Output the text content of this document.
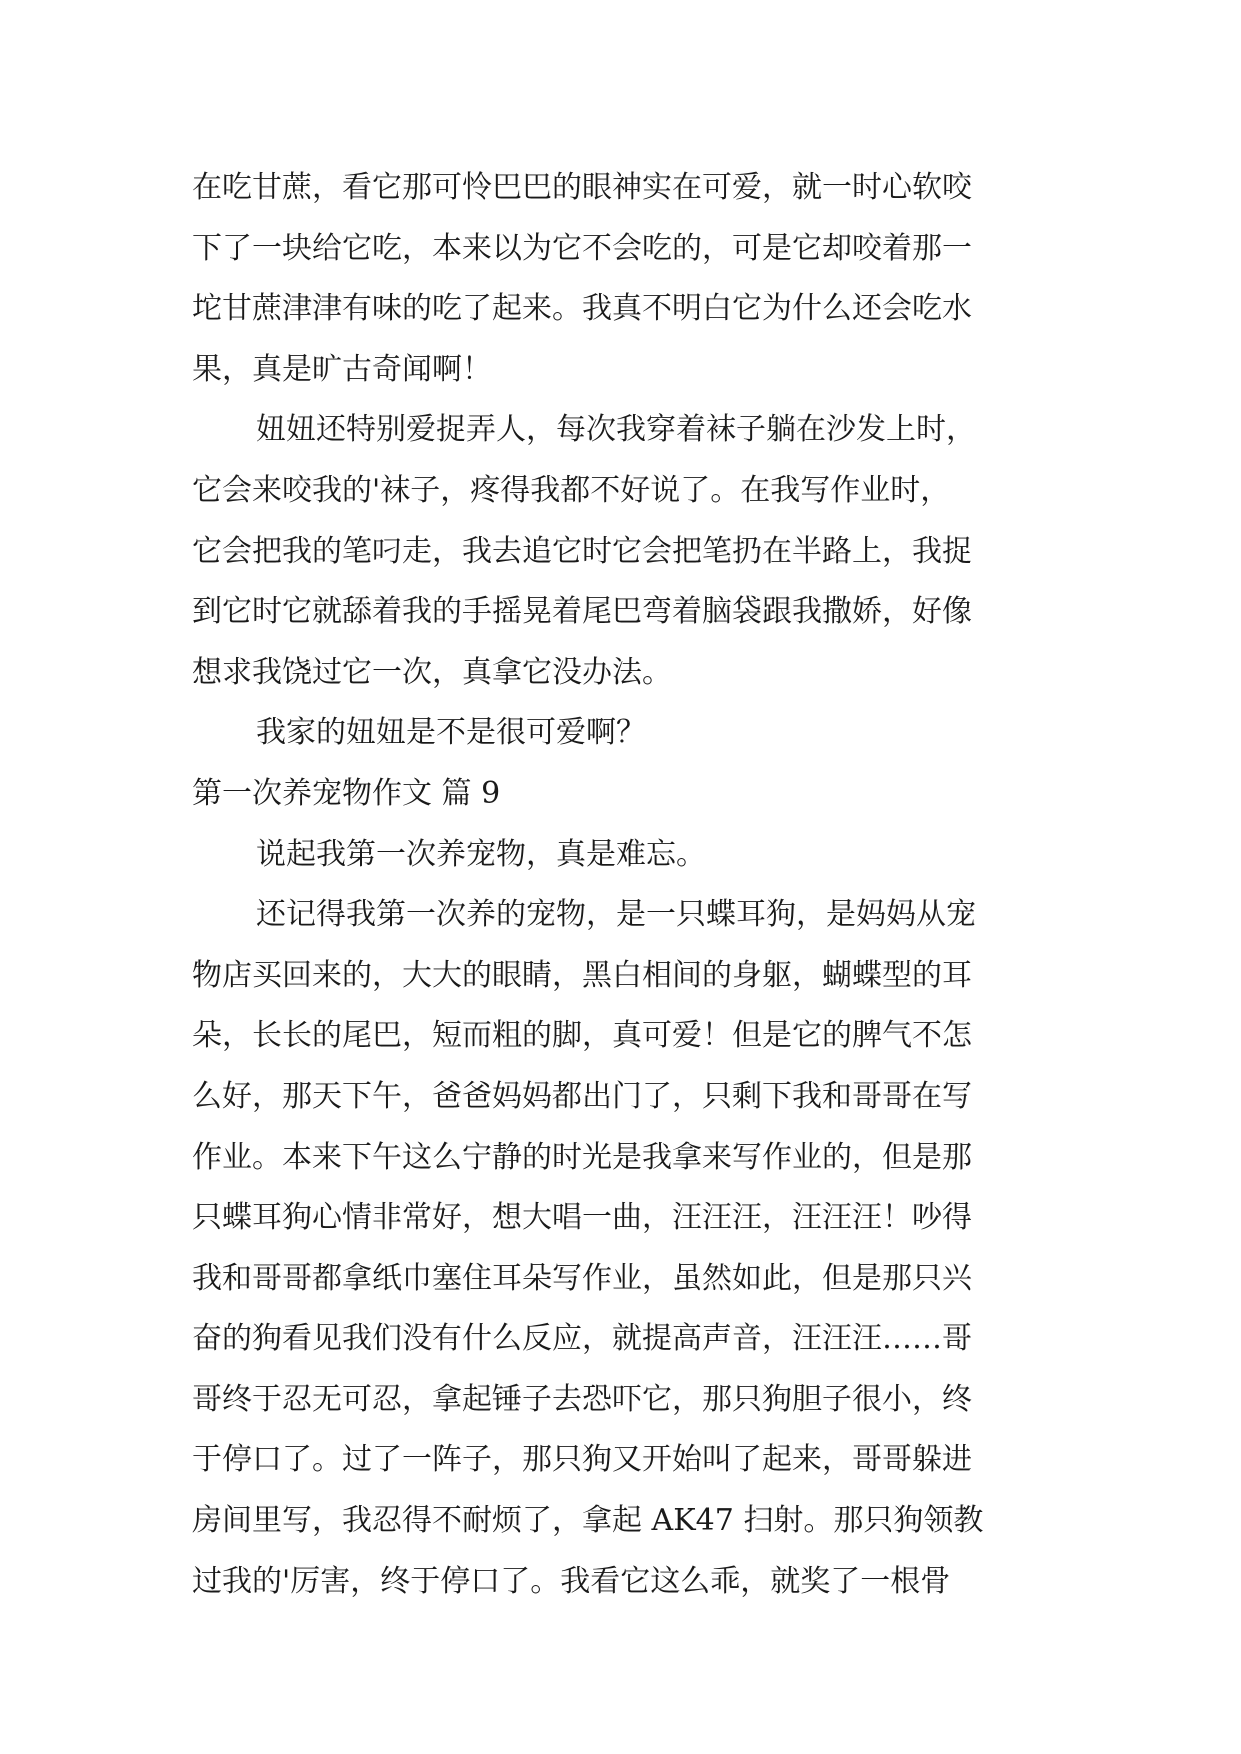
在吃甘蔗，看它那可怜巴巴的眼神实在可爱，就一时心软咬
下了一块给它吃，本来以为它不会吃的，可是它却咬着那一
坨甘蔗津津有味的吃了起来。我真不明白它为什么还会吃水
果，真是旷古奇闻啊！
妞妞还特别爱捉弄人，每次我穿着袜子躺在沙发上时，
它会来咬我的'袜子，疼得我都不好说了。在我写作业时，
它会把我的笔叼走，我去追它时它会把笔扔在半路上，我捉
到它时它就舔着我的手摇晃着尾巴弯着脑袋跟我撒娇，好像
想求我饶过它一次，真拿它没办法。
我家的妞妞是不是很可爱啊？
第一次养宠物作文 篇 9
说起我第一次养宠物，真是难忘。
还记得我第一次养的宠物，是一只蝶耳狗，是妈妈从宠
物店买回来的，大大的眼睛，黑白相间的身躯，蝴蝶型的耳
朵，长长的尾巴，短而粗的脚，真可爱！但是它的脾气不怎
么好，那天下午，爸爸妈妈都出门了，只剩下我和哥哥在写
作业。本来下午这么宁静的时光是我拿来写作业的，但是那
只蝶耳狗心情非常好，想大唱一曲，汪汪汪，汪汪汪！吵得
我和哥哥都拿纸巾塞住耳朵写作业，虽然如此，但是那只兴
奋的狗看见我们没有什么反应，就提高声音，汪汪汪……哥
哥终于忍无可忍，拿起锤子去恐吓它，那只狗胆子很小，终
于停口了。过了一阵子，那只狗又开始叫了起来，哥哥躲进
房间里写，我忍得不耐烦了，拿起 AK47 扫射。那只狗领教
过我的'厉害，终于停口了。我看它这么乖，就奖了一根骨
